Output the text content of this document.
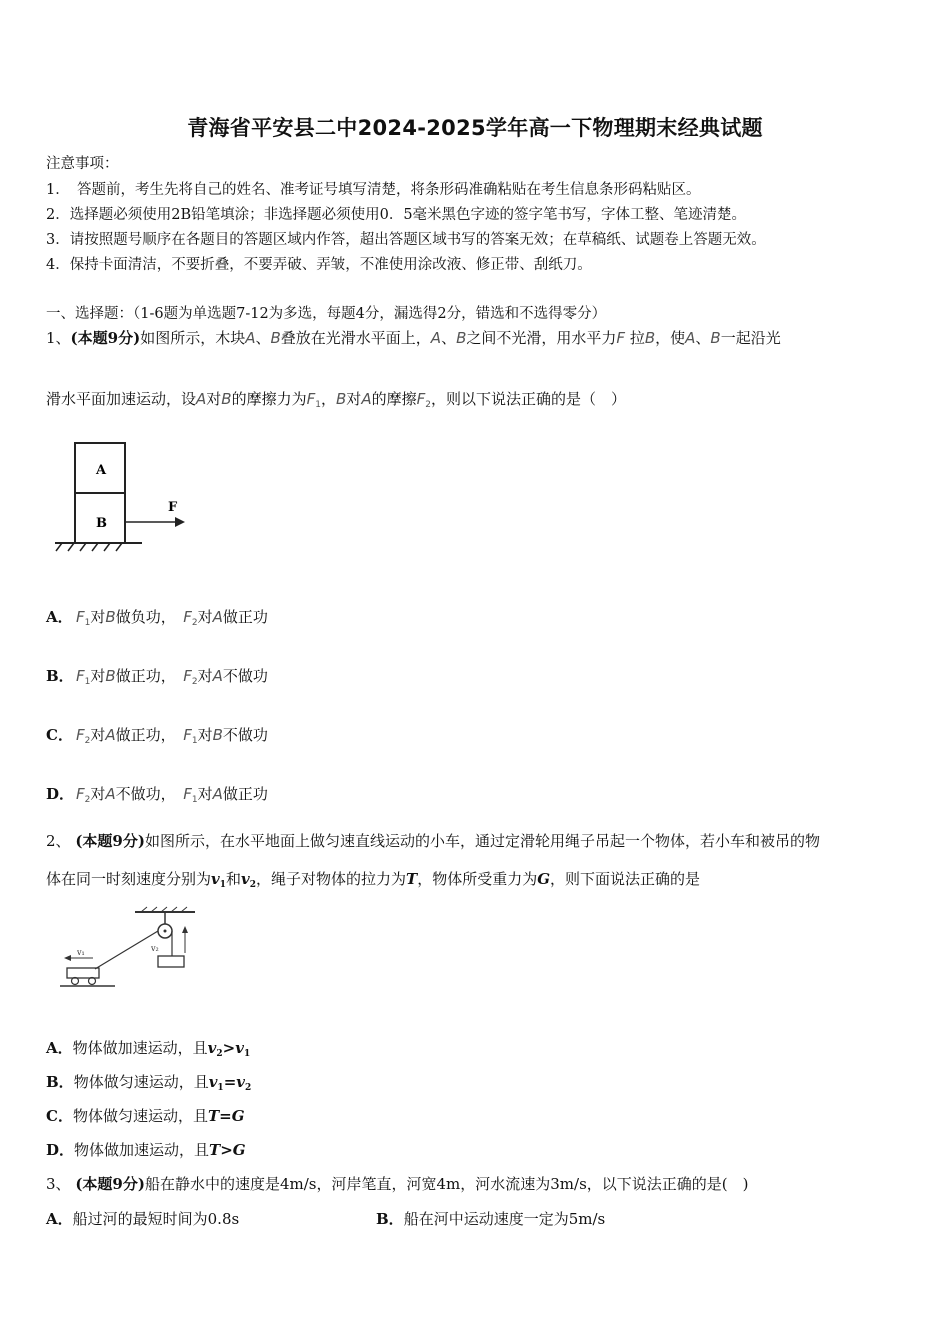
青海省平安县二中2024-2025学年高一下物理期末经典试题
注意事项：
1．　答题前，考生先将自己的姓名、准考证号填写清楚，将条形码准确粘贴在考生信息条形码粘贴区。
2．选择题必须使用2B铅笔填涂；非选择题必须使用0．5毫米黑色字迹的签字笔书写，字体工整、笔迹清楚。
3．请按照题号顺序在各题目的答题区域内作答，超出答题区域书写的答案无效；在草稿纸、试题卷上答题无效。
4．保持卡面清洁，不要折叠，不要弄破、弄皱，不准使用涂改液、修正带、刮纸刀。
一、选择题：（1-6题为单选题7-12为多选，每题4分，漏选得2分，错选和不选得零分）
1、(本题9分)如图所示，木块A、B叠放在光滑水平面上，A、B之间不光滑，用水平力F 拉B，使A、B一起沿光
滑水平面加速运动，设A对B的摩擦力为$F_1$，B对A的摩擦$F_2$，则以下说法正确的是（　）
A
B
F
A． $F_1$对B做负功，　 $F_2$对A做正功
B． $F_1$对B做正功，　 $F_2$对A不做功
C． $F_2$对A做正功，　 $F_1$对B不做功
D． $F_2$对A不做功，　 $F_1$对A做正功
2、 (本题9分)如图所示，在水平地面上做匀速直线运动的小车，通过定滑轮用绳子吊起一个物体，若小车和被吊的物
体在同一时刻速度分别为$v_1$和$v_2$，绳子对物体的拉力为T，物体所受重力为G，则下面说法正确的是
v₂
v₁
A．物体做加速运动，且$v_2>v_1$
B．物体做匀速运动，且$v_1=v_2$
C．物体做匀速运动，且T=G
D．物体做加速运动，且T>G
3、 (本题9分)船在静水中的速度是4m/s，河岸笔直，河宽4m，河水流速为3m/s，以下说法正确的是(　)
A．船过河的最短时间为0.8s	B．船在河中运动速度一定为5m/s
